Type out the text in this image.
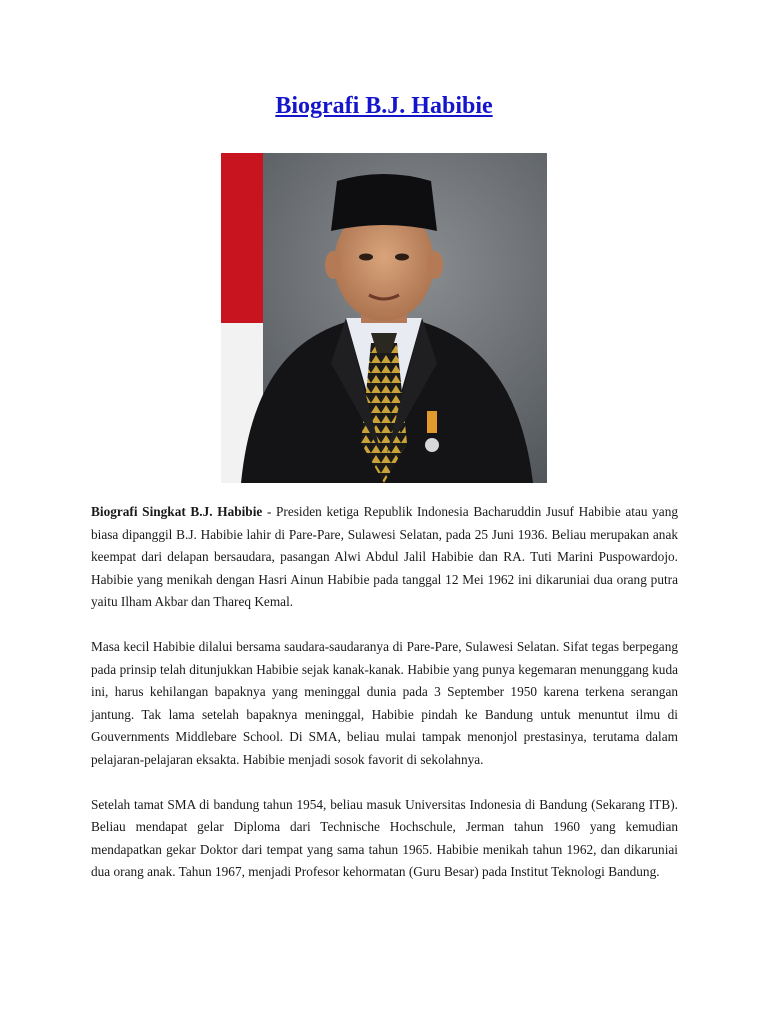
Biografi B.J. Habibie

Biografi Singkat B.J. Habibie - Presiden ketiga Republik Indonesia Bacharuddin Jusuf Habibie atau yang biasa dipanggil B.J. Habibie lahir di Pare-Pare, Sulawesi Selatan, pada 25 Juni 1936. Beliau merupakan anak keempat dari delapan bersaudara, pasangan Alwi Abdul Jalil Habibie dan RA. Tuti Marini Puspowardojo. Habibie yang menikah dengan Hasri Ainun Habibie pada tanggal 12 Mei 1962 ini dikaruniai dua orang putra yaitu Ilham Akbar dan Thareq Kemal.

Masa kecil Habibie dilalui bersama saudara-saudaranya di Pare-Pare, Sulawesi Selatan. Sifat tegas berpegang pada prinsip telah ditunjukkan Habibie sejak kanak-kanak. Habibie yang punya kegemaran menunggang kuda ini, harus kehilangan bapaknya yang meninggal dunia pada 3 September 1950 karena terkena serangan jantung. Tak lama setelah bapaknya meninggal, Habibie pindah ke Bandung untuk menuntut ilmu di Gouvernments Middlebare School. Di SMA, beliau mulai tampak menonjol prestasinya, terutama dalam pelajaran-pelajaran eksakta. Habibie menjadi sosok favorit di sekolahnya.

Setelah tamat SMA di bandung tahun 1954, beliau masuk Universitas Indonesia di Bandung (Sekarang ITB). Beliau mendapat gelar Diploma dari Technische Hochschule, Jerman tahun 1960 yang kemudian mendapatkan gekar Doktor dari tempat yang sama tahun 1965. Habibie menikah tahun 1962, dan dikaruniai dua orang anak. Tahun 1967, menjadi Profesor kehormatan (Guru Besar) pada Institut Teknologi Bandung.
